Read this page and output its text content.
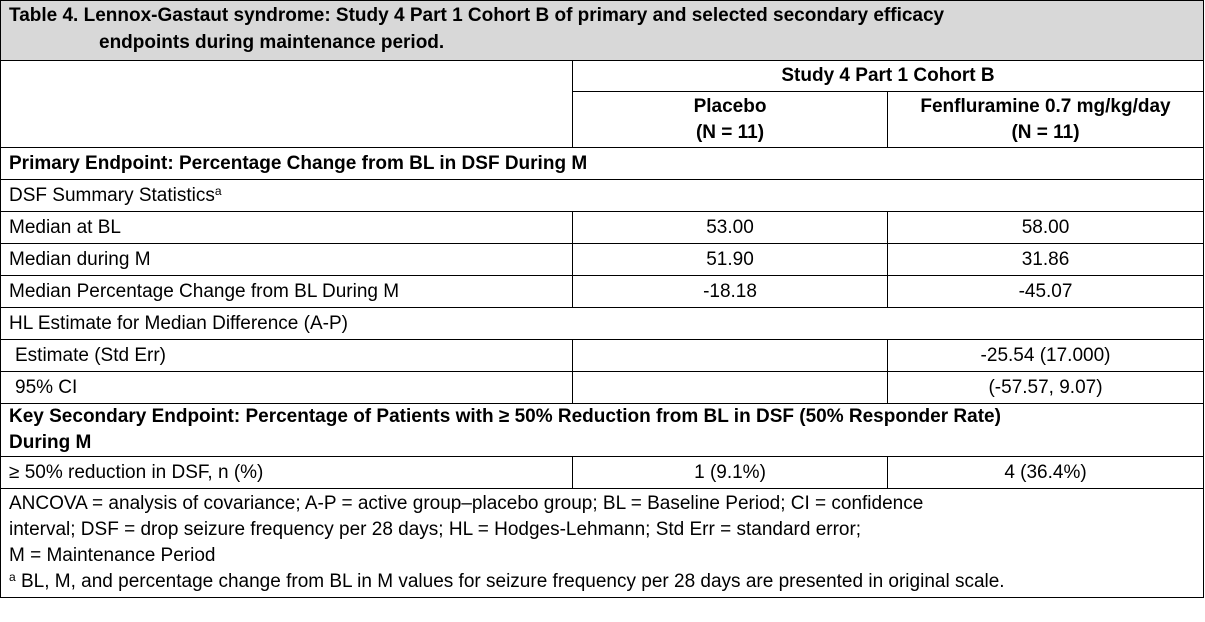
Table 4. Lennox-Gastaut syndrome: Study 4 Part 1 Cohort B of primary and selected secondary efficacy
endpoints during maintenance period.		

	Study 4 Part 1 Cohort B	

	Placebo
(N = 11)	Fenfluramine 0.7 mg/kg/day
(N = 11)

Primary Endpoint: Percentage Change from BL in DSF During M		
DSF Summary Statistics$^a$
Median at BL	53.00	58.00
Median during M	51.90	31.86
Median Percentage Change from BL During M	-18.18	-45.07
HL Estimate for Median Difference (A-P)		
Estimate (Std Err)		-25.54 (17.000)
95% CI		(-57.57, 9.07)

Key Secondary Endpoint: Percentage of Patients with ≥ 50% Reduction from BL in DSF (50% Responder Rate)
During M		

≥ 50% reduction in DSF, n (%)	1 (9.1%)	4 (36.4%)

ANCOVA = analysis of covariance; A-P = active group–placebo group; BL = Baseline Period; CI = confidence
interval; DSF = drop seizure frequency per 28 days; HL = Hodges-Lehmann; Std Err = standard error;
M = Maintenance Period
$^a$ BL, M, and percentage change from BL in M values for seizure frequency per 28 days are presented in original scale.		
